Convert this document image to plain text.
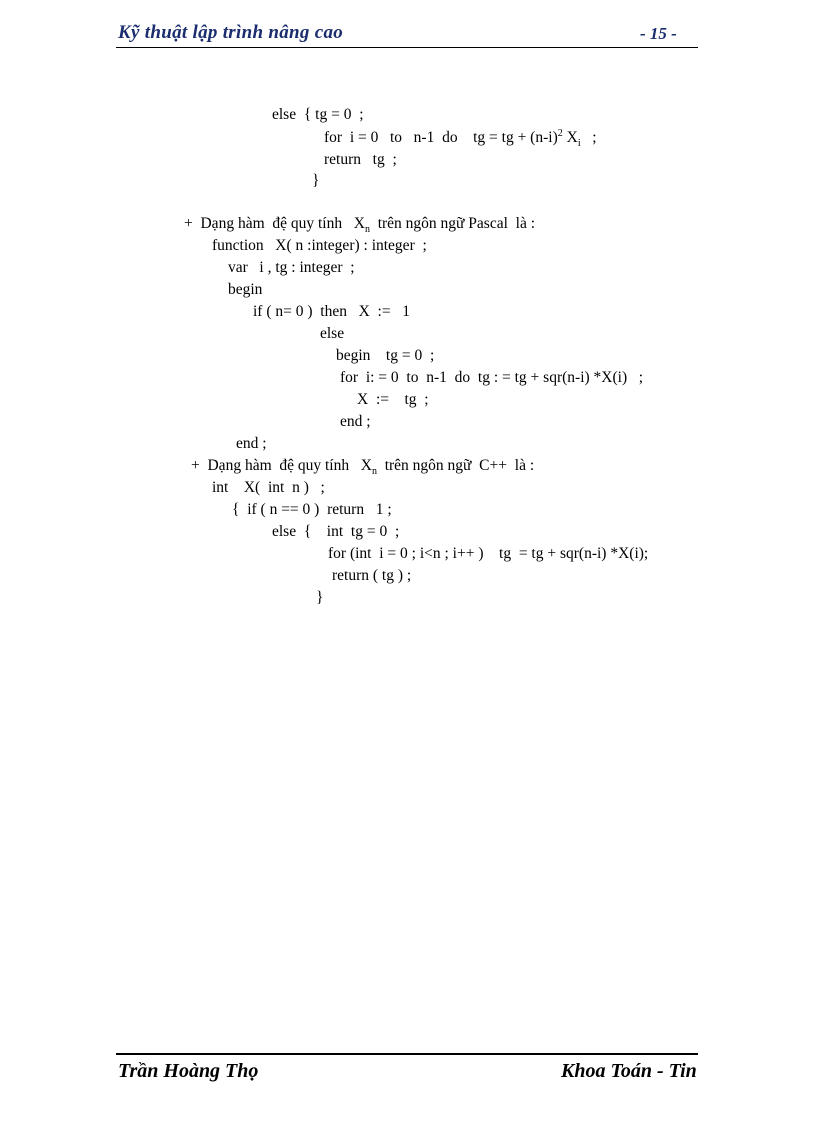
Kỹ thuật lập trình nâng cao	- 15 -
else  { tg = 0  ;
for  i = 0   to   n-1  do    tg = tg + $(n-i)^2$ $X_i$   ;
return   tg  ;
}
+  Dạng hàm  đệ quy tính   $X_n$  trên ngôn ngữ Pascal  là :
function   X( n :integer) : integer  ;
var   i , tg : integer  ;
begin
if ( n= 0 )  then   X  :=   1
else
begin    tg = 0  ;
for  i: = 0  to  n-1  do  tg : = tg + sqr(n-i) *X(i)   ;
X  :=    tg  ;
end ;
end ;
+  Dạng hàm  đệ quy tính   $X_n$  trên ngôn ngữ  C++  là :
int    X(  int  n )   ;
{  if ( n == 0 )  return   1 ;
else  {    int  tg = 0  ;
for (int  i = 0 ; i<n ; i++ )    tg  = tg + sqr(n-i) *X(i);
return ( tg ) ;
}
Trần Hoàng Thọ	Khoa Toán - Tin
